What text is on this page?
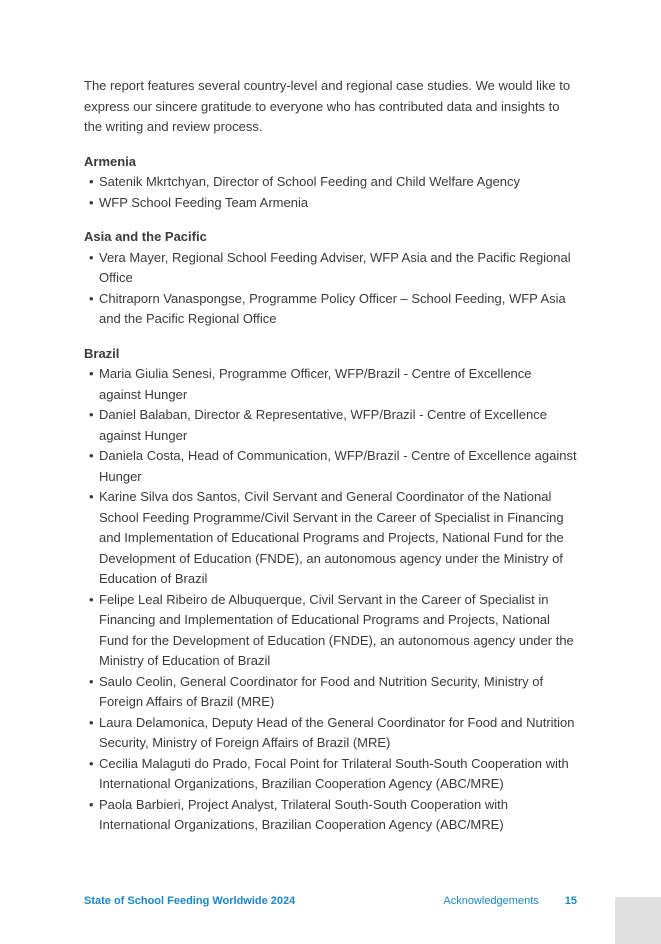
The report features several country-level and regional case studies. We would like to express our sincere gratitude to everyone who has contributed data and insights to the writing and review process.

Armenia
• Satenik Mkrtchyan, Director of School Feeding and Child Welfare Agency
• WFP School Feeding Team Armenia
Asia and the Pacific
• Vera Mayer, Regional School Feeding Adviser, WFP Asia and the Pacific Regional Office
• Chitraporn Vanaspongse, Programme Policy Officer – School Feeding, WFP Asia and the Pacific Regional Office
Brazil
• Maria Giulia Senesi, Programme Officer, WFP/Brazil - Centre of Excellence against Hunger
• Daniel Balaban, Director & Representative, WFP/Brazil - Centre of Excellence against Hunger
• Daniela Costa, Head of Communication, WFP/Brazil - Centre of Excellence against Hunger
• Karine Silva dos Santos, Civil Servant and General Coordinator of the National School Feeding Programme/Civil Servant in the Career of Specialist in Financing and Implementation of Educational Programs and Projects, National Fund for the Development of Education (FNDE), an autonomous agency under the Ministry of Education of Brazil
• Felipe Leal Ribeiro de Albuquerque, Civil Servant in the Career of Specialist in Financing and Implementation of Educational Programs and Projects, National Fund for the Development of Education (FNDE), an autonomous agency under the Ministry of Education of Brazil
• Saulo Ceolin, General Coordinator for Food and Nutrition Security, Ministry of Foreign Affairs of Brazil (MRE)
• Laura Delamonica, Deputy Head of the General Coordinator for Food and Nutrition Security, Ministry of Foreign Affairs of Brazil (MRE)
• Cecilia Malaguti do Prado, Focal Point for Trilateral South-South Cooperation with International Organizations, Brazilian Cooperation Agency (ABC/MRE)
• Paola Barbieri, Project Analyst, Trilateral South-South Cooperation with International Organizations, Brazilian Cooperation Agency (ABC/MRE)
State of School Feeding Worldwide 2024	Acknowledgements 15
